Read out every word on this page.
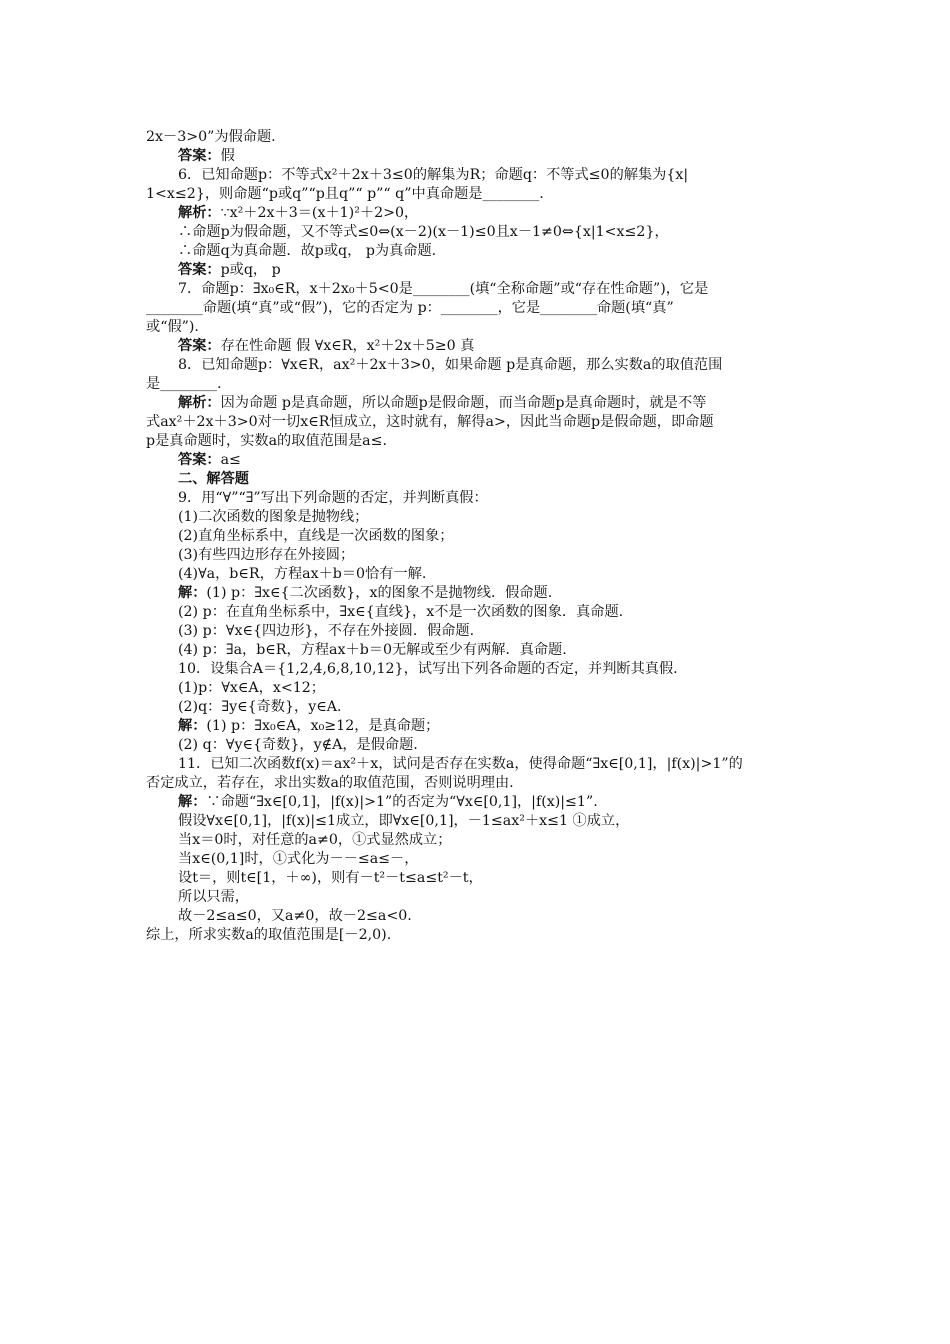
2x－3>0”为假命题.
答案：假
6．已知命题p：不等式x²＋2x＋3≤0的解集为R；命题q：不等式≤0的解集为{x|
1<x≤2}，则命题“p或q”“p且q”“ p”“ q”中真命题是________.
解析：∵x²＋2x＋3＝(x＋1)²＋2>0，
∴命题p为假命题，又不等式≤0⇔(x－2)(x－1)≤0且x－1≠0⇔{x|1<x≤2}，
∴命题q为真命题．故p或q， p为真命题.
答案：p或q， p
7．命题p：∃x₀∈R，x＋2x₀＋5<0是________(填“全称命题”或“存在性命题”)，它是
________命题(填“真”或“假”)，它的否定为 p：________，它是________命题(填“真”
或“假”).
答案：存在性命题 假 ∀x∈R，x²＋2x＋5≥0 真
8．已知命题p：∀x∈R，ax²＋2x＋3>0，如果命题 p是真命题，那么实数a的取值范围
是________.
解析：因为命题 p是真命题，所以命题p是假命题，而当命题p是真命题时，就是不等
式ax²＋2x＋3>0对一切x∈R恒成立，这时就有，解得a>，因此当命题p是假命题，即命题
p是真命题时，实数a的取值范围是a≤.
答案：a≤
二、解答题
9．用“∀”“∃”写出下列命题的否定，并判断真假：
(1)二次函数的图象是抛物线；
(2)直角坐标系中，直线是一次函数的图象；
(3)有些四边形存在外接圆；
(4)∀a，b∈R，方程ax＋b＝0恰有一解.
解：(1) p：∃x∈{二次函数}，x的图象不是抛物线．假命题.
(2) p：在直角坐标系中，∃x∈{直线}，x不是一次函数的图象．真命题.
(3) p：∀x∈{四边形}，不存在外接圆．假命题.
(4) p：∃a，b∈R，方程ax＋b＝0无解或至少有两解．真命题.
10．设集合A＝{1,2,4,6,8,10,12}，试写出下列各命题的否定，并判断其真假.
(1)p：∀x∈A，x<12；
(2)q：∃y∈{奇数}，y∈A.
解：(1) p：∃x₀∈A，x₀≥12，是真命题；
(2) q：∀y∈{奇数}，y∉A，是假命题.
11．已知二次函数f(x)＝ax²＋x，试问是否存在实数a，使得命题“∃x∈[0,1]，|f(x)|>1”的
否定成立，若存在，求出实数a的取值范围，否则说明理由.
解：∵命题“∃x∈[0,1]，|f(x)|>1”的否定为“∀x∈[0,1]，|f(x)|≤1”.
假设∀x∈[0,1]，|f(x)|≤1成立，即∀x∈[0,1]，－1≤ax²＋x≤1 ①成立，
当x＝0时，对任意的a≠0，①式显然成立；
当x∈(0,1]时，①式化为－－≤a≤－，
设t＝，则t∈[1，＋∞)，则有－t²－t≤a≤t²－t，
所以只需，
故－2≤a≤0，又a≠0，故－2≤a<0.
综上，所求实数a的取值范围是[－2,0).
